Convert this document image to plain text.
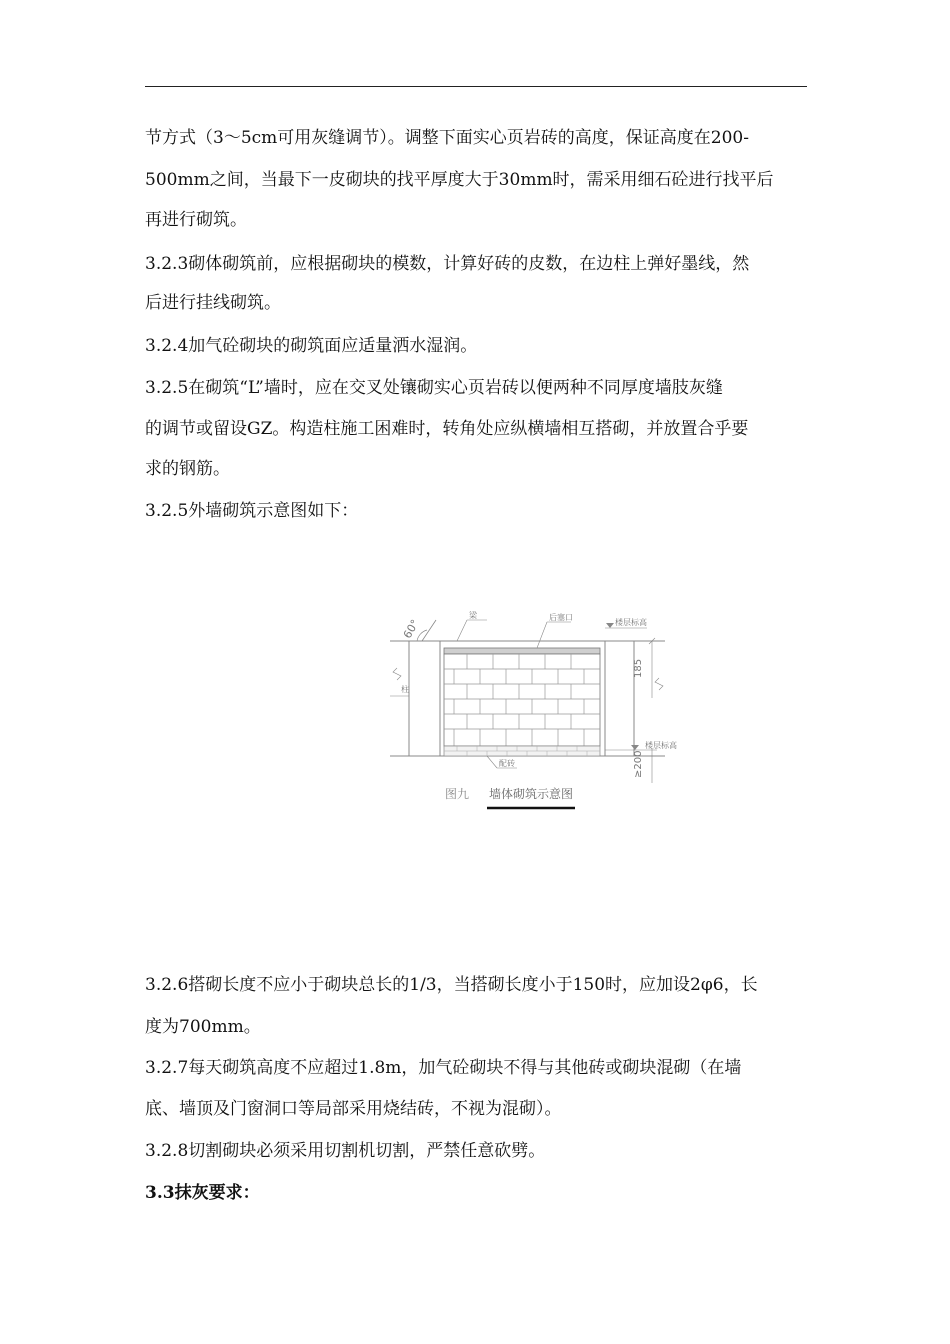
节方式（3～5cm可用灰缝调节）。调整下面实心页岩砖的高度，保证高度在200-
500mm之间，当最下一皮砌块的找平厚度大于30mm时，需采用细石砼进行找平后
再进行砌筑。
3.2.3砌体砌筑前，应根据砌块的模数，计算好砖的皮数，在边柱上弹好墨线，然
后进行挂线砌筑。
3.2.4加气砼砌块的砌筑面应适量洒水湿润。
3.2.5在砌筑“L”墙时，应在交叉处镶砌实心页岩砖以便两种不同厚度墙肢灰缝
的调节或留设GZ。构造柱施工困难时，转角处应纵横墙相互搭砌，并放置合乎要
求的钢筋。
3.2.5外墙砌筑示意图如下：
60°
梁	后塞口
楼层标高
185
≥200
楼层标高
柱
配砖
图九 墙体砌筑示意图
3.2.6搭砌长度不应小于砌块总长的1/3，当搭砌长度小于150时，应加设2φ6，长
度为700mm。
3.2.7每天砌筑高度不应超过1.8m，加气砼砌块不得与其他砖或砌块混砌（在墙
底、墙顶及门窗洞口等局部采用烧结砖，不视为混砌）。
3.2.8切割砌块必须采用切割机切割，严禁任意砍劈。
3.3抹灰要求：
